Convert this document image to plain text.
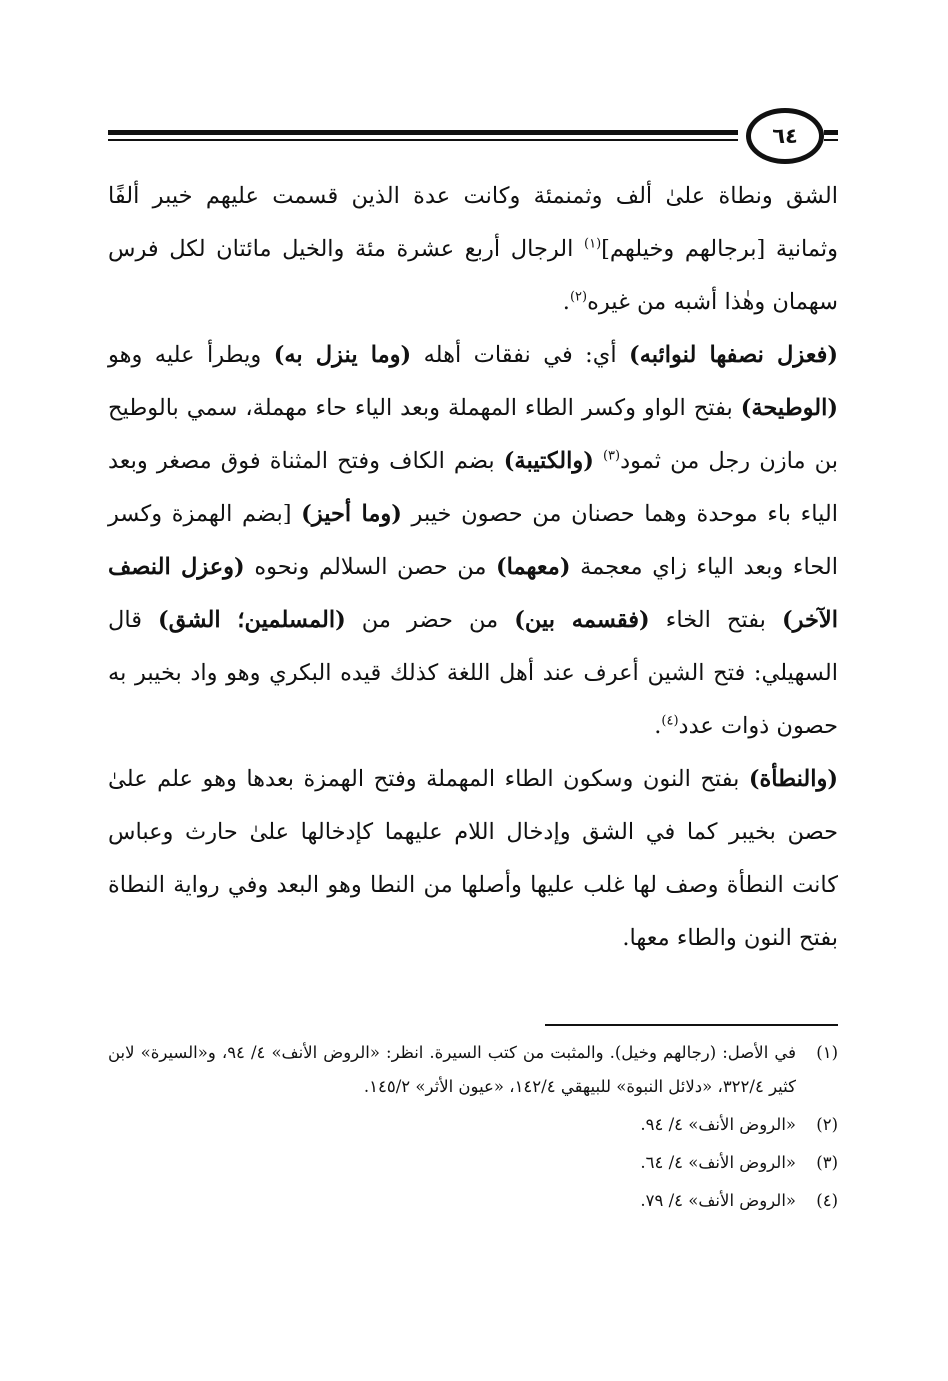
٦٤

الشق ونطاة علىٰ ألف وثمنمئة وكانت عدة الذين قسمت عليهم خيبر ألفًا وثمانية [برجالهم وخيلهم]$^{(١)}$ الرجال أربع عشرة مئة والخيل مائتان لكل فرس سهمان وهٰذا أشبه من غيره$^{(٢)}$.

(فعزل نصفها لنوائبه) أي: في نفقات أهله (وما ينزل به) ويطرأ عليه وهو (الوطيحة) بفتح الواو وكسر الطاء المهملة وبعد الياء حاء مهملة، سمي بالوطيح بن مازن رجل من ثمود$^{(٣)}$ (والكتيبة) بضم الكاف وفتح المثناة فوق مصغر وبعد الياء باء موحدة وهما حصنان من حصون خيبر (وما أحيز) [بضم الهمزة وكسر الحاء وبعد الياء زاي معجمة (معهما) من حصن السلالم ونحوه (وعزل النصف الآخر) بفتح الخاء (فقسمه بين) من حضر من (المسلمين؛ الشق) قال السهيلي: فتح الشين أعرف عند أهل اللغة كذلك قيده البكري وهو واد بخيبر به حصون ذوات عدد$^{(٤)}$.

(والنطأة) بفتح النون وسكون الطاء المهملة وفتح الهمزة بعدها وهو علم علىٰ حصن بخيبر كما في الشق وإدخال اللام عليهما كإدخالها علىٰ حارث وعباس كانت النطأة وصف لها غلب عليها وأصلها من النطا وهو البعد وفي رواية النطاة بفتح النون والطاء معها.

(١)
في الأصل: (رجالهم وخيل). والمثبت من كتب السيرة. انظر: «الروض الأنف» ٤/ ٩٤، و«السيرة» لابن كثير ٣٢٢/٤، «دلائل النبوة» للبيهقي ١٤٢/٤، «عيون الأثر» ١٤٥/٢.
(٢)
«الروض الأنف» ٤/ ٩٤.
(٣)
«الروض الأنف» ٤/ ٦٤.
(٤)
«الروض الأنف» ٤/ ٧٩.
